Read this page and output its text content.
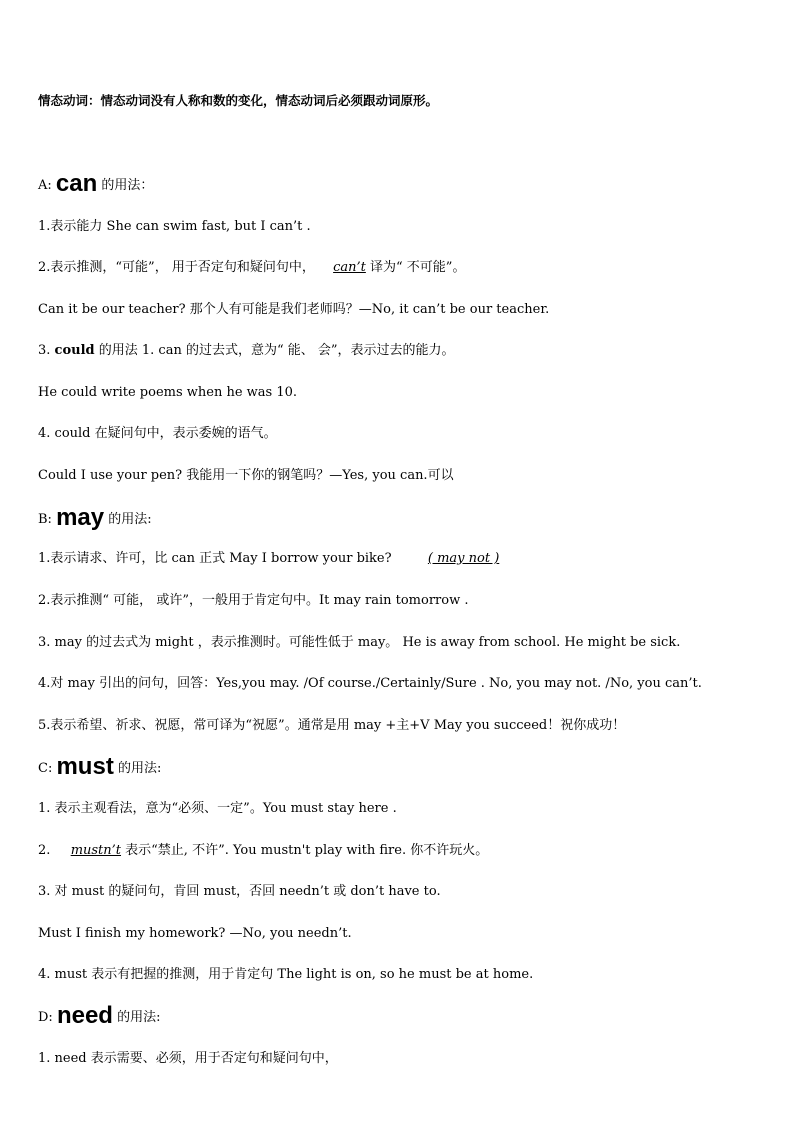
情态动词：情态动词没有人称和数的变化，情态动词后必须跟动词原形。
A: can 的用法：
1.表示能力 She can swim fast, but I can’t .
2.表示推测，“可能”， 用于否定句和疑问句中， can’t 译为“ 不可能”。
Can it be our teacher? 那个人有可能是我们老师吗？—No, it can’t be our teacher.
3. could 的用法 1. can 的过去式，意为“ 能、 会”，表示过去的能力。
He could write poems when he was 10.
4. could 在疑问句中，表示委婉的语气。
Could I use your pen? 我能用一下你的钢笔吗？—Yes, you can.可以
B: may 的用法:
1.表示请求、许可，比 can 正式 May I borrow your bike?	( may not )
2.表示推测“ 可能， 或许”，一般用于肯定句中。It may rain tomorrow .
3. may 的过去式为 might ，表示推测时。可能性低于 may。 He is away from school. He might be sick.
4.对 may 引出的问句，回答：Yes,you may. /Of course./Certainly/Sure . No, you may not. /No, you can’t.
5.表示希望、祈求、祝愿，常可译为“祝愿”。通常是用 may +主+V May you succeed！祝你成功！
C: must 的用法:
1. 表示主观看法，意为“必须、一定”。You must stay here .
2. mustn’t 表示“禁止, 不许”. You mustn't play with fire. 你不许玩火。
3. 对 must 的疑问句，肯回 must，否回 needn’t 或 don’t have to.
Must I finish my homework? —No, you needn’t.
4. must 表示有把握的推测，用于肯定句 The light is on, so he must be at home.
D: need 的用法:
1. need 表示需要、必须，用于否定句和疑问句中，
